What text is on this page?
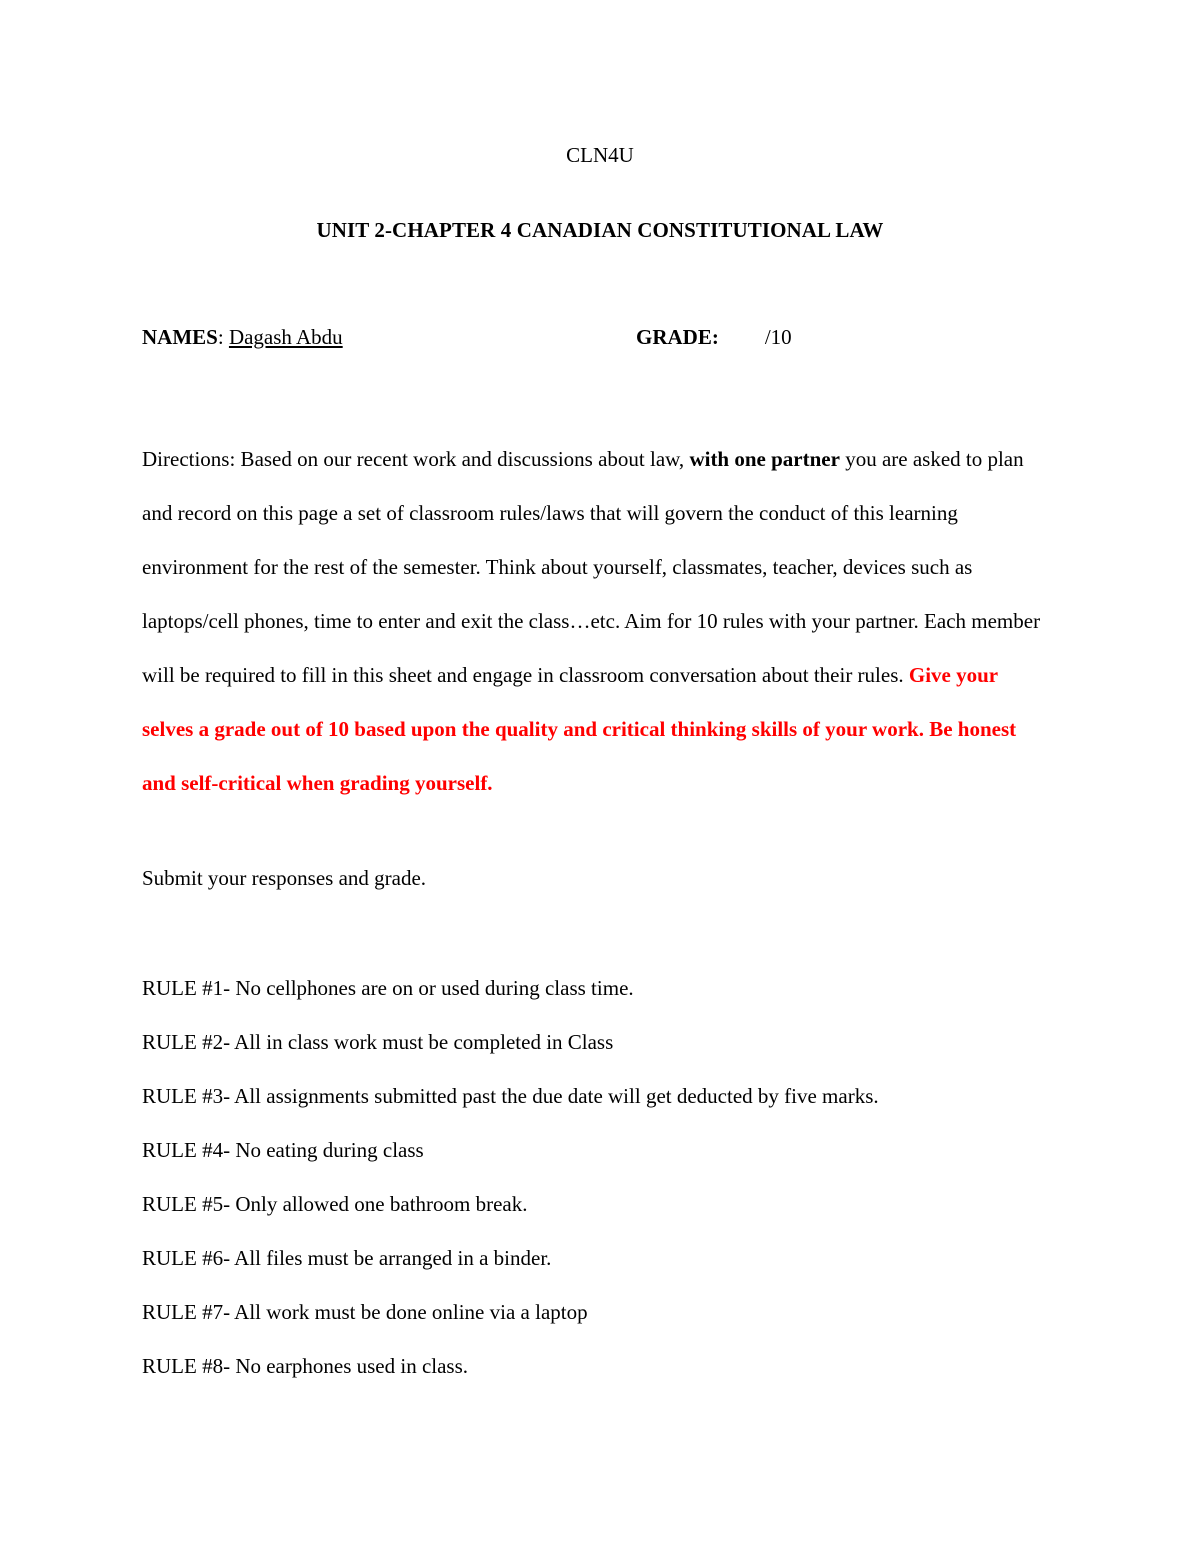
CLN4U
UNIT 2-CHAPTER 4 CANADIAN CONSTITUTIONAL LAW
NAMES: Dagash Abdu	GRADE: /10
Directions: Based on our recent work and discussions about law, with one partner you are asked to plan and record on this page a set of classroom rules/laws that will govern the conduct of this learning environment for the rest of the semester. Think about yourself, classmates, teacher, devices such as laptops/cell phones, time to enter and exit the class…etc. Aim for 10 rules with your partner. Each member will be required to fill in this sheet and engage in classroom conversation about their rules. Give your selves a grade out of 10 based upon the quality and critical thinking skills of your work. Be honest and self-critical when grading yourself.
Submit your responses and grade.
RULE #1- No cellphones are on or used during class time.
RULE #2- All in class work must be completed in Class
RULE #3- All assignments submitted past the due date will get deducted by five marks.
RULE #4- No eating during class
RULE #5- Only allowed one bathroom break.
RULE #6- All files must be arranged in a binder.
RULE #7- All work must be done online via a laptop
RULE #8- No earphones used in class.
